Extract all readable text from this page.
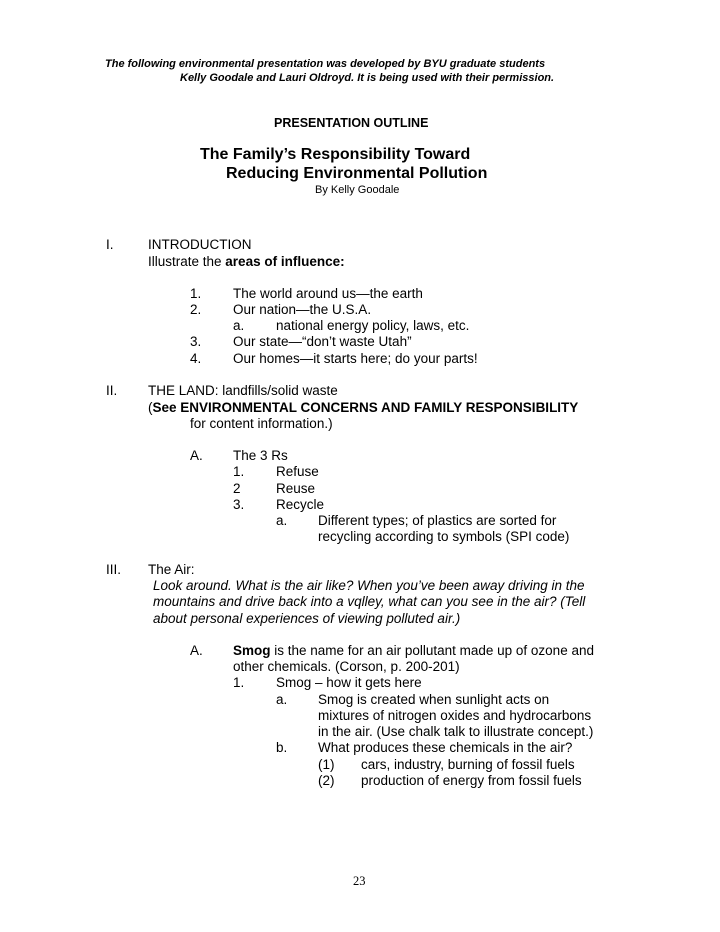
The following environmental presentation was developed by BYU graduate students
Kelly Goodale and Lauri Oldroyd. It is being used with their permission.
PRESENTATION OUTLINE
The Family’s Responsibility Toward
Reducing Environmental Pollution
By Kelly Goodale
I.	INTRODUCTION
Illustrate the areas of influence:
1. The world around us—the earth
2. Our nation—the U.S.A.
a. national energy policy, laws, etc.
3. Our state—“don’t waste Utah”
4. Our homes—it starts here; do your parts!
II. THE LAND: landfills/solid waste
(See ENVIRONMENTAL CONCERNS AND FAMILY RESPONSIBILITY
for content information.)
A. The 3 Rs
1. Refuse
2	Reuse
3. Recycle
a. Different types; of plastics are sorted for
recycling according to symbols (SPI code)
III. The Air:
Look around. What is the air like? When you’ve been away driving in the
mountains and drive back into a vqlley, what can you see in the air? (Tell
about personal experiences of viewing polluted air.)
A. Smog is the name for an air pollutant made up of ozone and
other chemicals. (Corson, p. 200-201)
1. Smog – how it gets here
a. Smog is created when sunlight acts on
mixtures of nitrogen oxides and hydrocarbons
in the air. (Use chalk talk to illustrate concept.)
b. What produces these chemicals in the air?
(1) cars, industry, burning of fossil fuels
(2) production of energy from fossil fuels
23
